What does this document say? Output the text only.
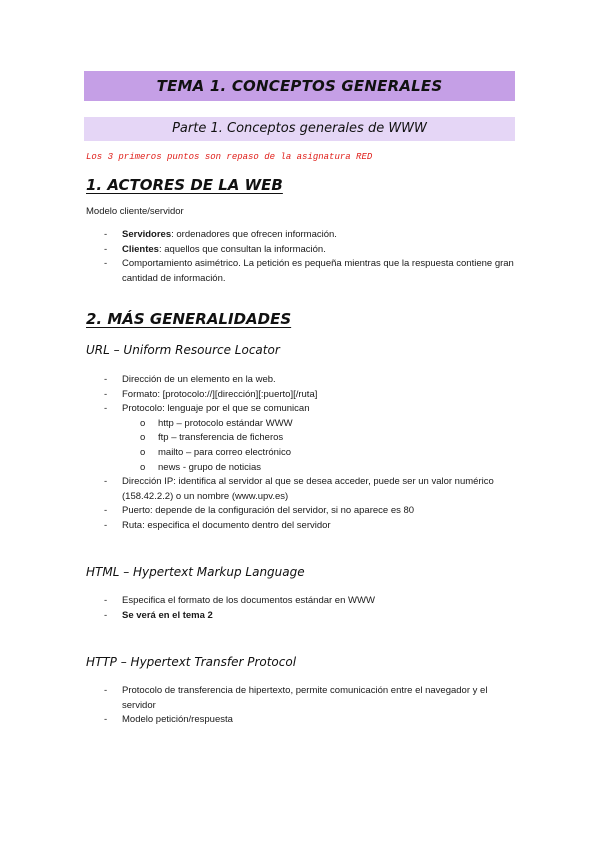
TEMA 1. CONCEPTOS GENERALES
Parte 1. Conceptos generales de WWW
Los 3 primeros puntos son repaso de la asignatura RED
1. ACTORES DE LA WEB
Modelo cliente/servidor
- Servidores: ordenadores que ofrecen información.
- Clientes: aquellos que consultan la información.
- Comportamiento asimétrico. La petición es pequeña mientras que la respuesta contiene gran cantidad de información.
2. MÁS GENERALIDADES
URL – Uniform Resource Locator
- Dirección de un elemento en la web.
- Formato: [protocolo://][dirección][:puerto][/ruta]
- Protocolo: lenguaje por el que se comunican
o http – protocolo estándar WWW
o ftp – transferencia de ficheros
o mailto – para correo electrónico
o news - grupo de noticias
- Dirección IP: identifica al servidor al que se desea acceder, puede ser un valor numérico (158.42.2.2) o un nombre (www.upv.es)
- Puerto: depende de la configuración del servidor, si no aparece es 80
- Ruta: especifica el documento dentro del servidor
HTML – Hypertext Markup Language
- Especifica el formato de los documentos estándar en WWW
- Se verá en el tema 2
HTTP – Hypertext Transfer Protocol
- Protocolo de transferencia de hipertexto, permite comunicación entre el navegador y el servidor
- Modelo petición/respuesta
